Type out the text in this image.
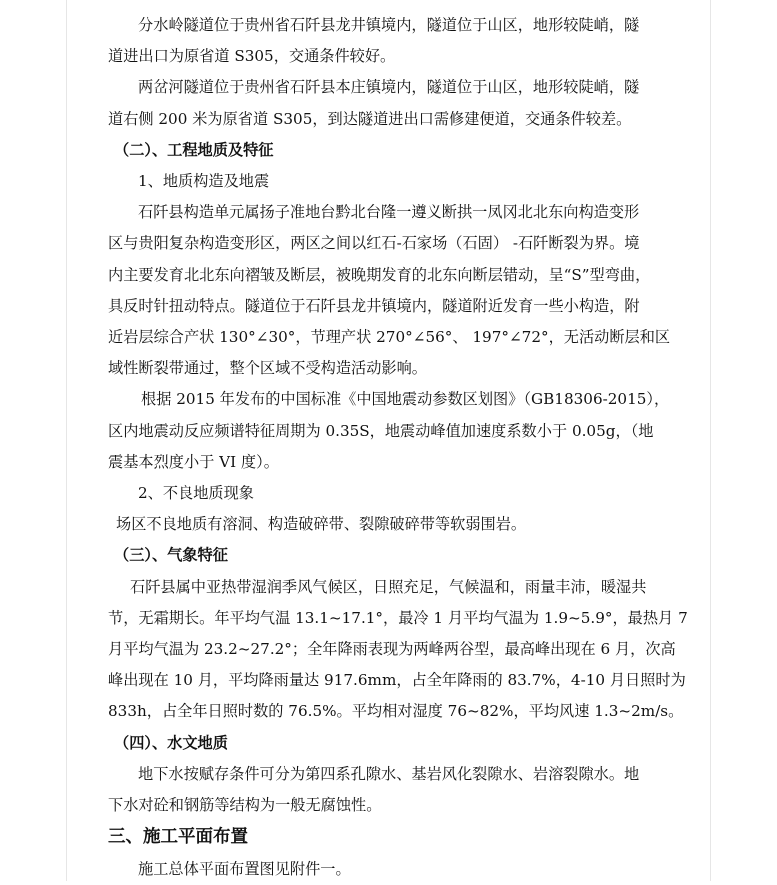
分水岭隧道位于贵州省石阡县龙井镇境内，隧道位于山区，地形较陡峭，隧
道进出口为原省道 S305，交通条件较好。

两岔河隧道位于贵州省石阡县本庄镇境内，隧道位于山区，地形较陡峭，隧
道右侧 200 米为原省道 S305，到达隧道进出口需修建便道，交通条件较差。

（二）、工程地质及特征

1、地质构造及地震

石阡县构造单元属扬子准地台黔北台隆一遵义断拱一凤冈北北东向构造变形
区与贵阳复杂构造变形区，两区之间以红石-石家场（石固） -石阡断裂为界。境
内主要发育北北东向褶皱及断层，被晚期发育的北东向断层错动，呈“S”型弯曲，
具反时针扭动特点。隧道位于石阡县龙井镇境内，隧道附近发育一些小构造，附
近岩层综合产状 130°∠30°，节理产状 270°∠56°、 197°∠72°，无活动断层和区
域性断裂带通过，整个区域不受构造活动影响。

根据 2015 年发布的中国标准《中国地震动参数区划图》（GB18306-2015），
区内地震动反应频谱特征周期为 0.35S，地震动峰值加速度系数小于 0.05g，（地
震基本烈度小于 VI 度）。

2、不良地质现象

场区不良地质有溶洞、构造破碎带、裂隙破碎带等软弱围岩。

（三）、气象特征

石阡县属中亚热带湿润季风气候区，日照充足，气候温和，雨量丰沛，暖湿共
节，无霜期长。年平均气温 13.1~17.1°，最冷 1 月平均气温为 1.9~5.9°，最热月 7
月平均气温为 23.2~27.2°；全年降雨表现为两峰两谷型，最高峰出现在 6 月，次高
峰出现在 10 月，平均降雨量达 917.6mm，占全年降雨的 83.7%，4-10 月日照时为
833h，占全年日照时数的 76.5%。平均相对湿度 76~82%，平均风速 1.3~2m/s。

（四）、水文地质

地下水按赋存条件可分为第四系孔隙水、基岩风化裂隙水、岩溶裂隙水。地
下水对砼和钢筋等结构为一般无腐蚀性。

三、施工平面布置

施工总体平面布置图见附件一。
